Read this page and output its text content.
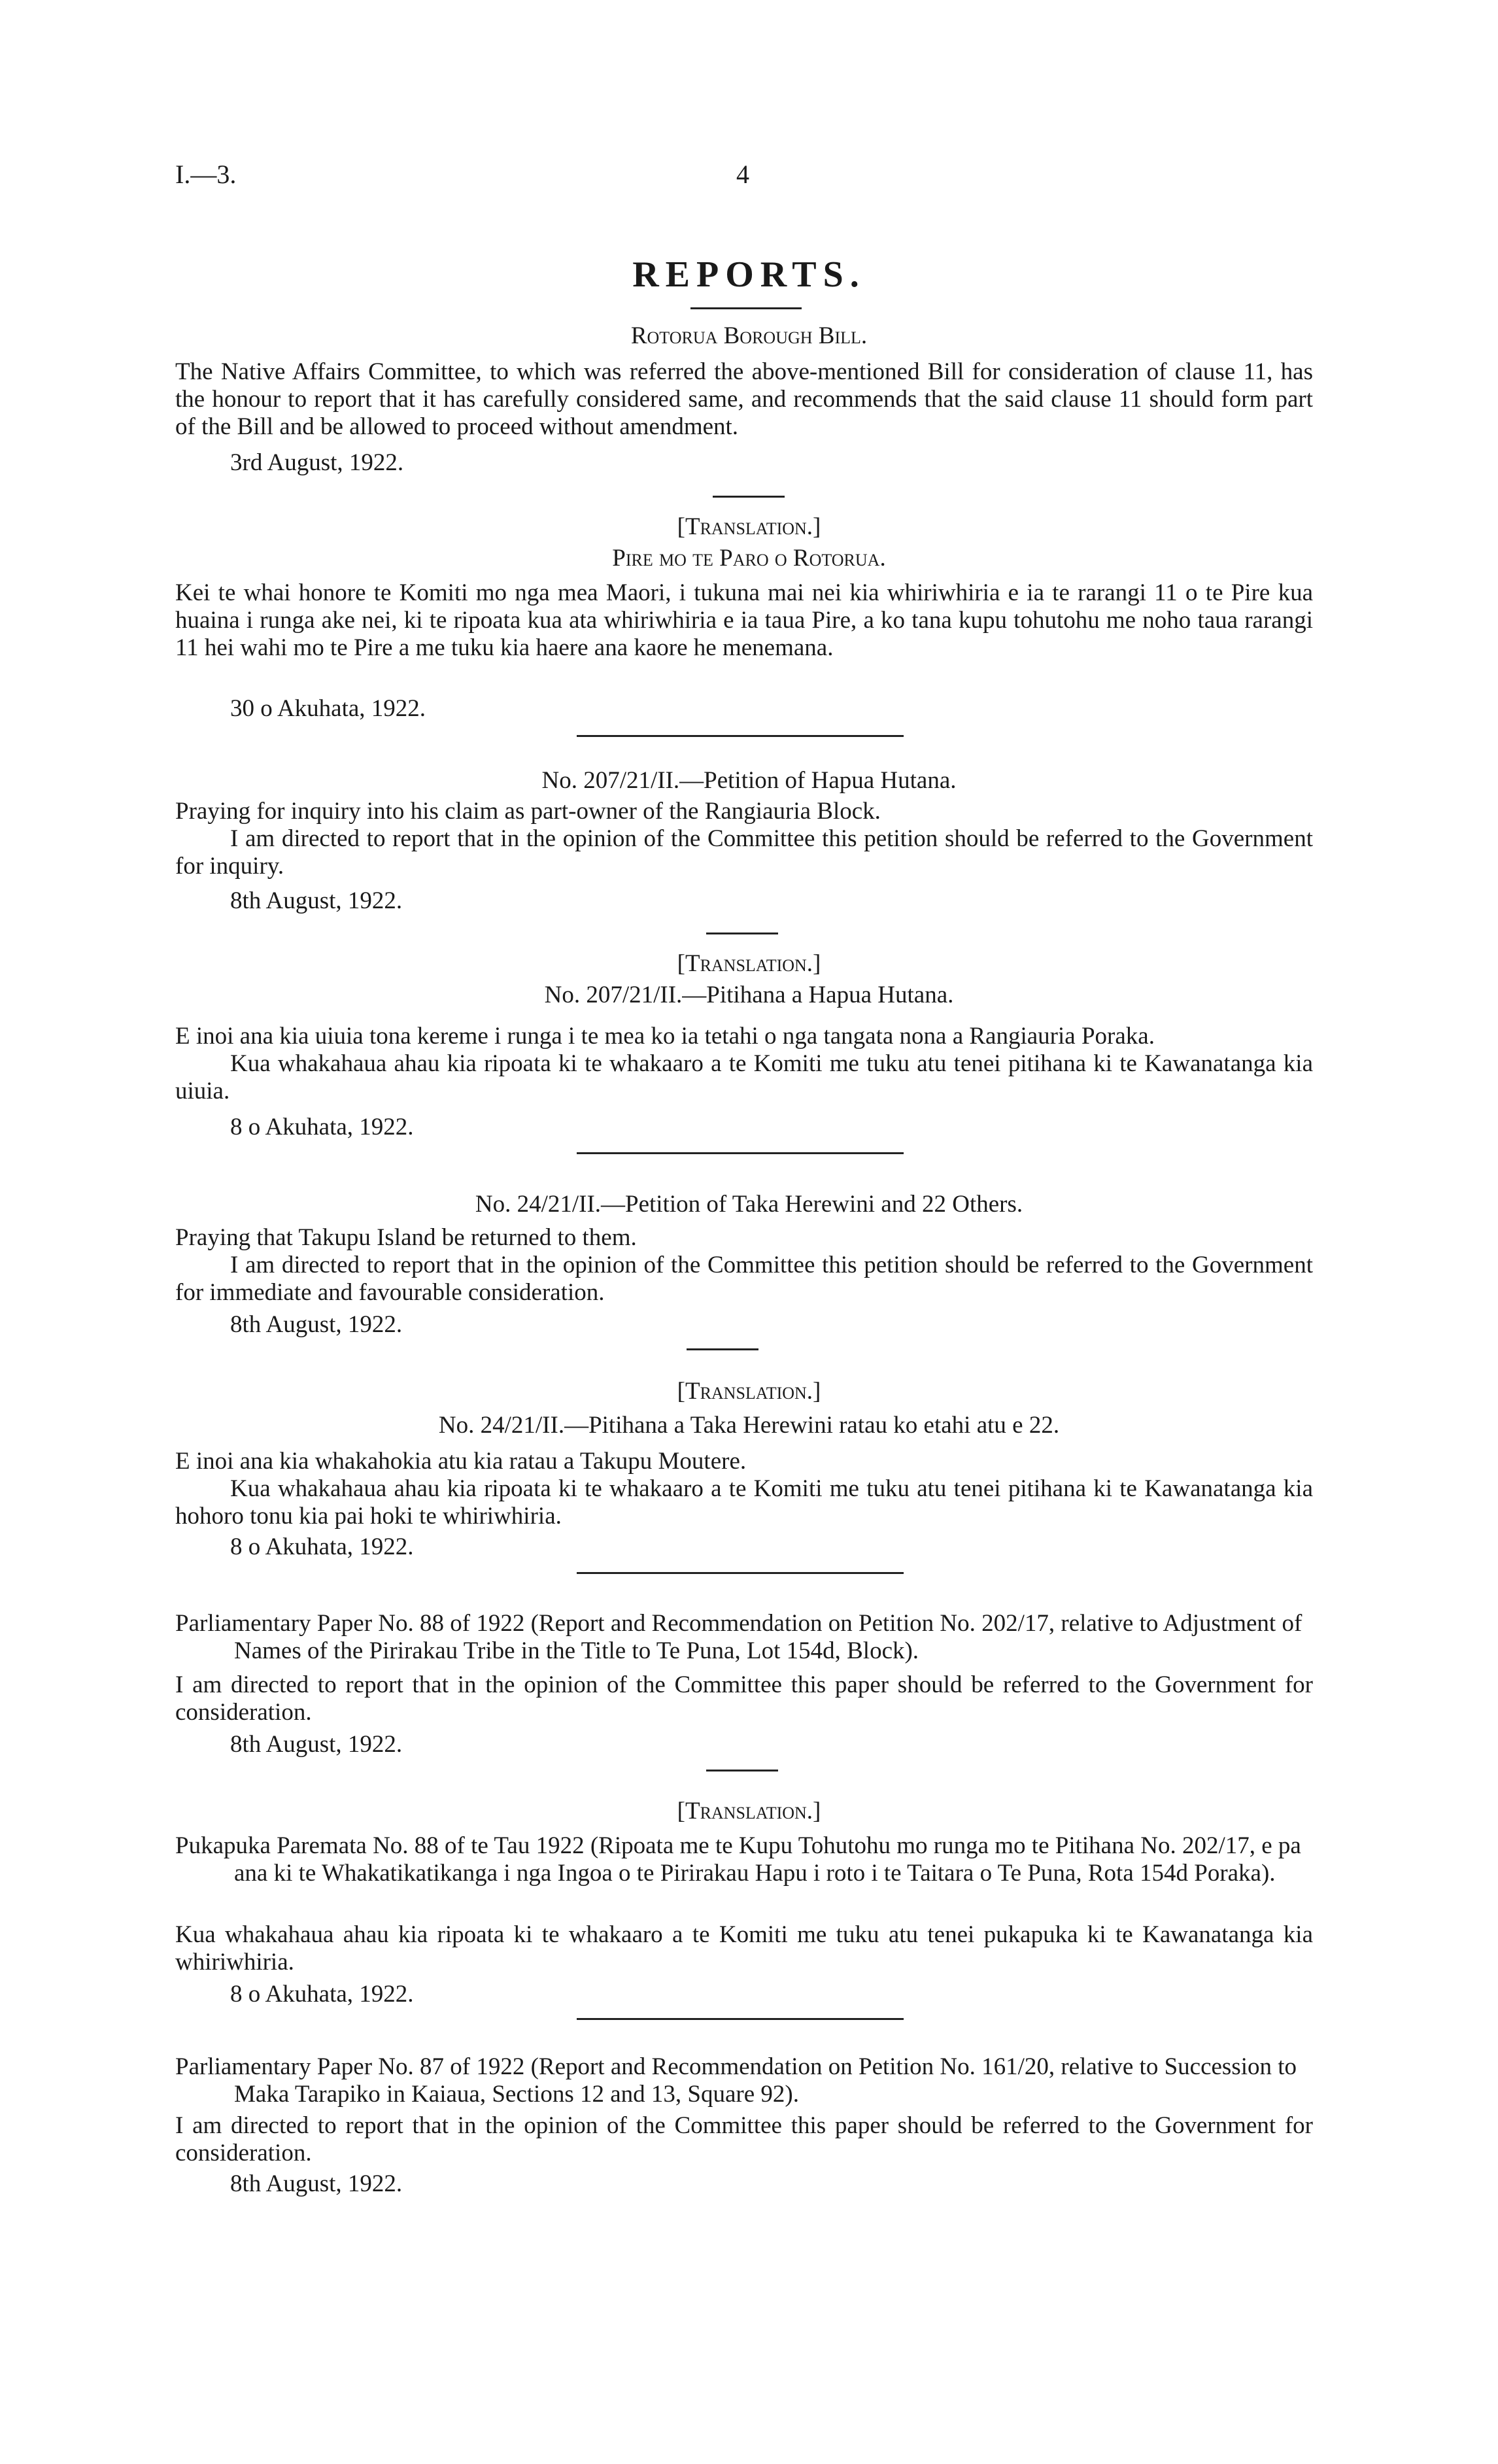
I.—3.	4
REPORTS.
Rotorua Borough Bill.
The Native Affairs Committee, to which was referred the above-mentioned Bill for consideration of clause 11, has the honour to report that it has carefully considered same, and recommends that the said clause 11 should form part of the Bill and be allowed to proceed without amendment.
3rd August, 1922.
[Translation.]
Pire mo te Paro o Rotorua.
Kei te whai honore te Komiti mo nga mea Maori, i tukuna mai nei kia whiriwhiria e ia te rarangi 11 o te Pire kua huaina i runga ake nei, ki te ripoata kua ata whiriwhiria e ia taua Pire, a ko tana kupu tohutohu me noho taua rarangi 11 hei wahi mo te Pire a me tuku kia haere ana kaore he menemana.
30 o Akuhata, 1922.
No. 207/21/II.—Petition of Hapua Hutana.
Praying for inquiry into his claim as part-owner of the Rangiauria Block.
I am directed to report that in the opinion of the Committee this petition should be referred to the Government for inquiry.
8th August, 1922.
[Translation.]
No. 207/21/II.—Pitihana a Hapua Hutana.
E inoi ana kia uiuia tona kereme i runga i te mea ko ia tetahi o nga tangata nona a Rangiauria Poraka.
Kua whakahaua ahau kia ripoata ki te whakaaro a te Komiti me tuku atu tenei pitihana ki te Kawanatanga kia uiuia.
8 o Akuhata, 1922.
No. 24/21/II.—Petition of Taka Herewini and 22 Others.
Praying that Takupu Island be returned to them.
I am directed to report that in the opinion of the Committee this petition should be referred to the Government for immediate and favourable consideration.
8th August, 1922.
[Translation.]
No. 24/21/II.—Pitihana a Taka Herewini ratau ko etahi atu e 22.
E inoi ana kia whakahokia atu kia ratau a Takupu Moutere.
Kua whakahaua ahau kia ripoata ki te whakaaro a te Komiti me tuku atu tenei pitihana ki te Kawanatanga kia hohoro tonu kia pai hoki te whiriwhiria.
8 o Akuhata, 1922.
Parliamentary Paper No. 88 of 1922 (Report and Recommendation on Petition No. 202/17, relative to Adjustment of Names of the Pirirakau Tribe in the Title to Te Puna, Lot 154d, Block).
I am directed to report that in the opinion of the Committee this paper should be referred to the Government for consideration.
8th August, 1922.
[Translation.]
Pukapuka Paremata No. 88 of te Tau 1922 (Ripoata me te Kupu Tohutohu mo runga mo te Pitihana No. 202/17, e pa ana ki te Whakatikatikanga i nga Ingoa o te Pirirakau Hapu i roto i te Taitara o Te Puna, Rota 154d Poraka).
Kua whakahaua ahau kia ripoata ki te whakaaro a te Komiti me tuku atu tenei pukapuka ki te Kawanatanga kia whiriwhiria.
8 o Akuhata, 1922.
Parliamentary Paper No. 87 of 1922 (Report and Recommendation on Petition No. 161/20, relative to Succession to Maka Tarapiko in Kaiaua, Sections 12 and 13, Square 92).
I am directed to report that in the opinion of the Committee this paper should be referred to the Government for consideration.
8th August, 1922.
